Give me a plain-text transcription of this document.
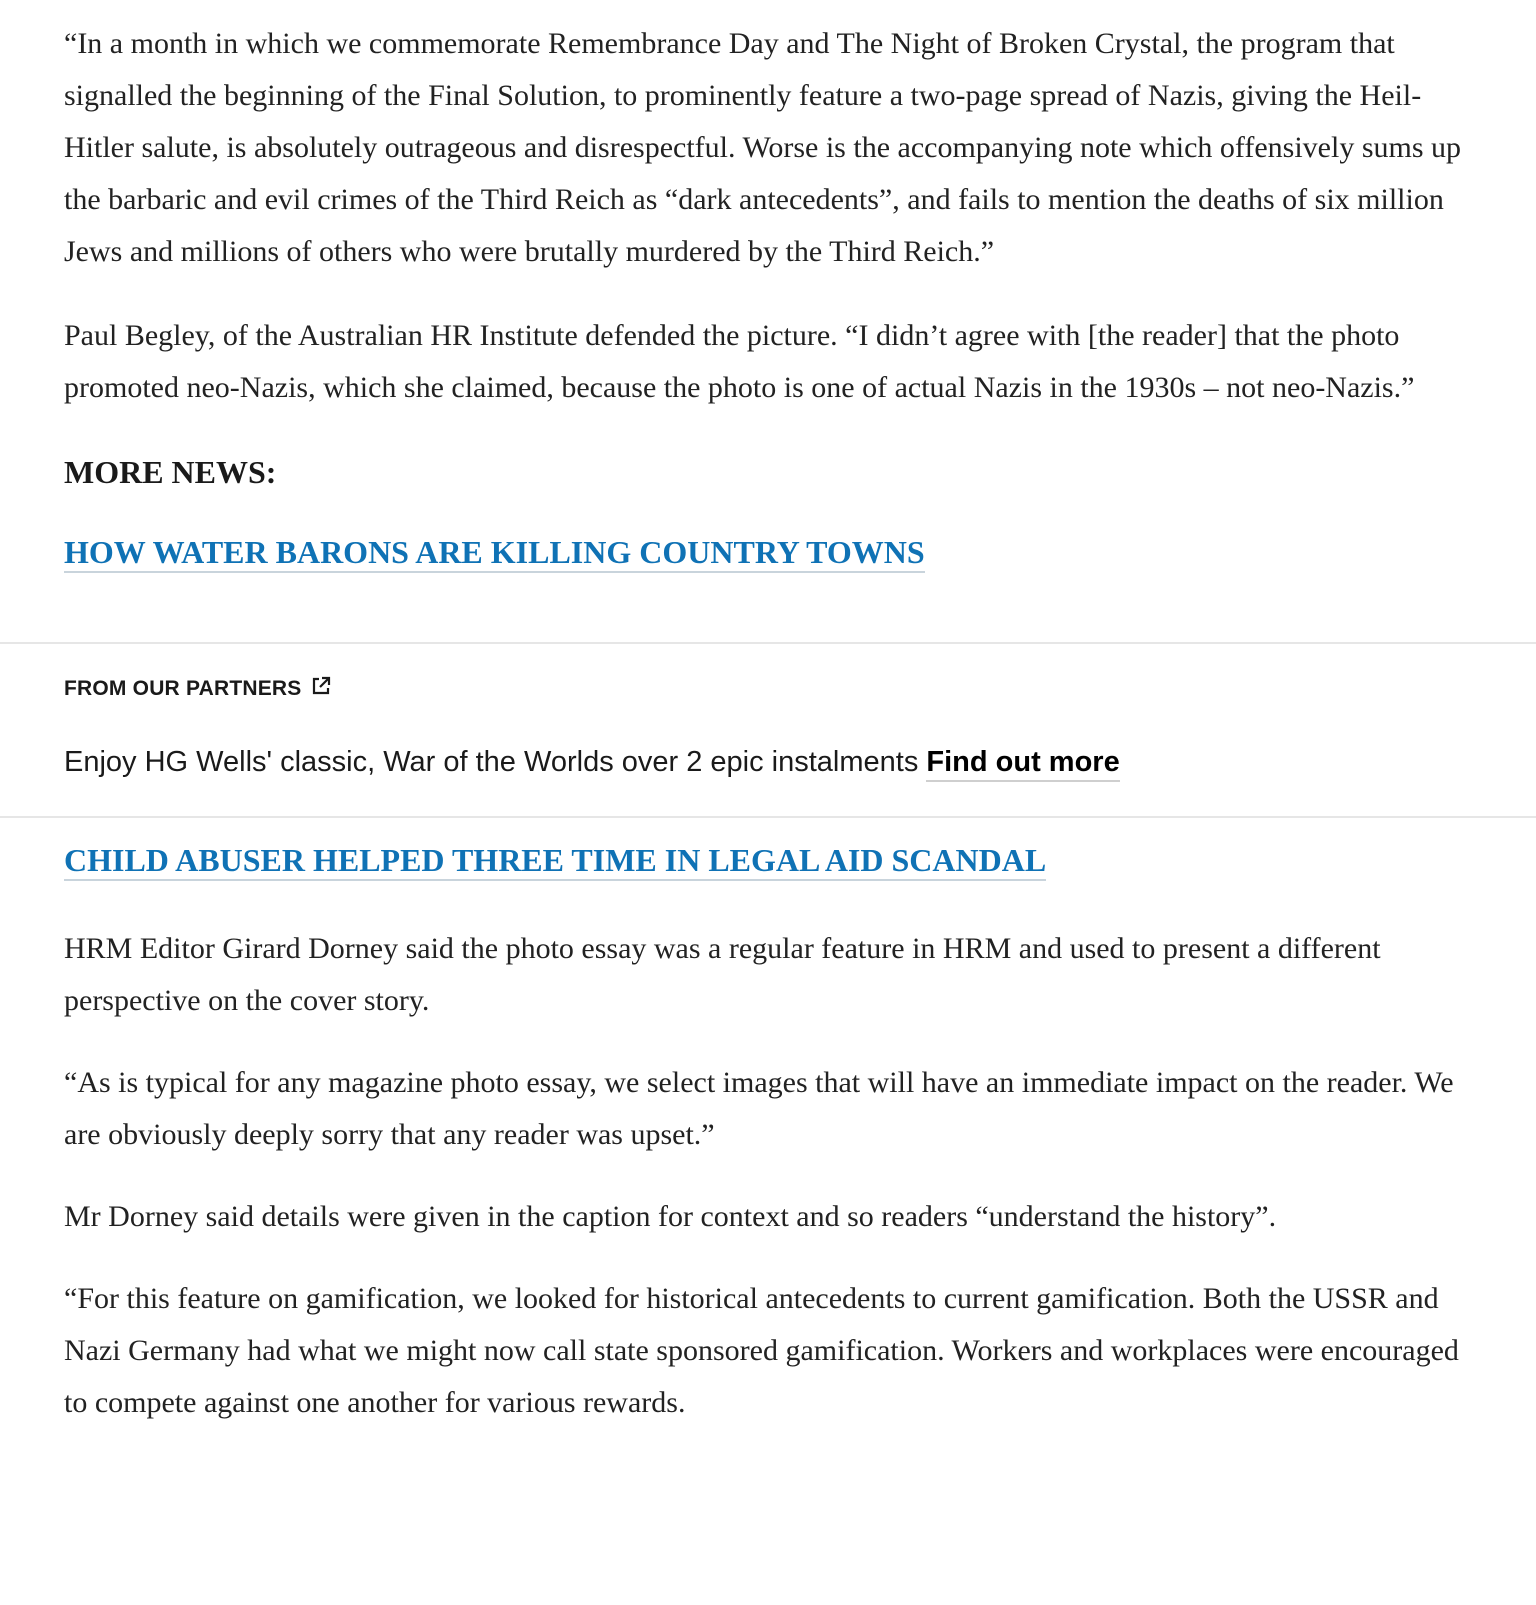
“In a month in which we commemorate Remembrance Day and The Night of Broken Crystal, the program that signalled the beginning of the Final Solution, to prominently feature a two-page spread of Nazis, giving the Heil-Hitler salute, is absolutely outrageous and disrespectful. Worse is the accompanying note which offensively sums up the barbaric and evil crimes of the Third Reich as “dark antecedents”, and fails to mention the deaths of six million Jews and millions of others who were brutally murdered by the Third Reich.”

Paul Begley, of the Australian HR Institute defended the picture. “I didn’t agree with [the reader] that the photo promoted neo-Nazis, which she claimed, because the photo is one of actual Nazis in the 1930s – not neo-Nazis.”

MORE NEWS:
HOW WATER BARONS ARE KILLING COUNTRY TOWNS
FROM OUR PARTNERS
Enjoy HG Wells' classic, War of the Worlds over 2 epic instalments Find out more
CHILD ABUSER HELPED THREE TIME IN LEGAL AID SCANDAL

HRM Editor Girard Dorney said the photo essay was a regular feature in HRM and used to present a different perspective on the cover story.

“As is typical for any magazine photo essay, we select images that will have an immediate impact on the reader. We are obviously deeply sorry that any reader was upset.”

Mr Dorney said details were given in the caption for context and so readers “understand the history”.

“For this feature on gamification, we looked for historical antecedents to current gamification. Both the USSR and Nazi Germany had what we might now call state sponsored gamification. Workers and workplaces were encouraged to compete against one another for various rewards.
